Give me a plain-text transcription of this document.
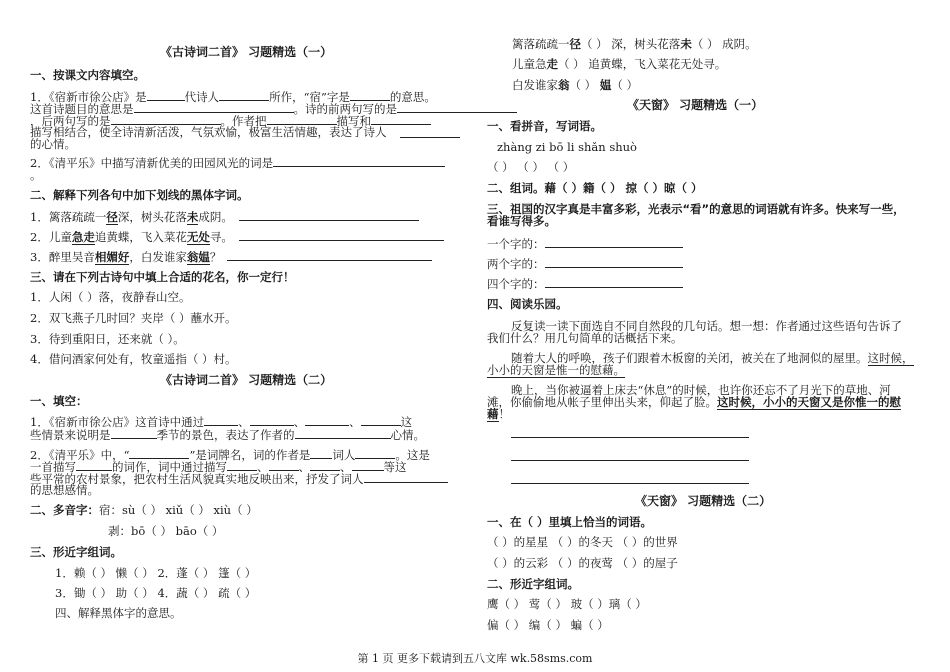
《古诗词二首》 习题精选（一）
一、按课文内容填空。
1．《宿新市徐公店》是	代诗人	所作，“宿”字是	的意思。
这首诗题目的意思是	。诗的前两句写的是
，后两句写的是	。作者把	描写和
描写相结合，使全诗清新活泼，气氛欢愉，极富生活情趣，表达了诗人
的心情。
2．《清平乐》中描写清新优美的田园风光的词是
。
二、解释下列各句中加下划线的黑体字词。
1．篱落疏疏一径深，树头花落未成阴。
2．儿童急走追黄蝶，飞入菜花无处寻。
3．醉里吴音相媚好，白发谁家翁媪？
三、请在下列古诗句中填上合适的花名，你一定行！
1．人闲（ ）落，夜静春山空。
2．双飞燕子几时回？夹岸（ ）蘸水开。
3．待到重阳日，还来就（ ）。
4．借问酒家何处有，牧童遥指（ ）村。
《古诗词二首》 习题精选（二）
一、填空：
1．《宿新市徐公店》这首诗中通过	、	、	、	这
些情景来说明是	季节的景色，表达了作者的	心情。
2．《清平乐》中，“	”是词牌名，词的作者是 词人	。这是
一首描写	的词作，词中通过描写	、	、	、	等这
些平常的农村景象，把农村生活风貌真实地反映出来，抒发了词人
的思想感情。
二、多音字：宿：sù（ ） xiǔ（ ） xiù（ ）
剥：bō（ ） bāo（ ）
三、形近字组词。
1．赖（ ） 懒（ ） 2．蓬（ ） 篷（ ）
3．锄（ ） 助（ ） 4．蔬（ ） 疏（ ）
四、解释黑体字的意思。
篱落疏疏一径（ ） 深，树头花落未（ ） 成阴。
儿童急走（ ） 追黄蝶，飞入菜花无处寻。
白发谁家翁（ ） 媪（ ）
《天窗》 习题精选（一）
一、看拼音，写词语。
zhàng zi bō li shǎn shuò
（ ） （ ） （ ）
二、组词。藉（ ）籍（ ） 掠（ ）晾（ ）
三、祖国的汉字真是丰富多彩，光表示“看”的意思的词语就有许多。快来写一些，
看谁写得多。
一个字的：
两个字的：
四个字的：
四、阅读乐园。
反复读一读下面选自不同自然段的几句话。想一想：作者通过这些语句告诉了
我们什么？用几句简单的话概括下来。
随着大人的呼唤，孩子们跟着木板窗的关闭，被关在了地洞似的屋里。这时候，
小小的天窗是惟一的慰藉。
晚上，当你被逼着上床去“休息”的时候，也许你还忘不了月光下的草地、河
滩，你偷偷地从帐子里伸出头来，仰起了脸。这时候，小小的天窗又是你惟一的慰
藉！
《天窗》 习题精选（二）
一、在（ ）里填上恰当的词语。
（ ）的星星 （ ）的冬天 （ ）的世界
（ ）的云彩 （ ）的夜莺 （ ）的屋子
二、形近字组词。
鹰（ ） 莺（ ） 玻（ ）璃（ ）
偏（ ） 编（ ） 蝙（ ）
第 1 页 更多下载请到五八文库 wk.58sms.com
